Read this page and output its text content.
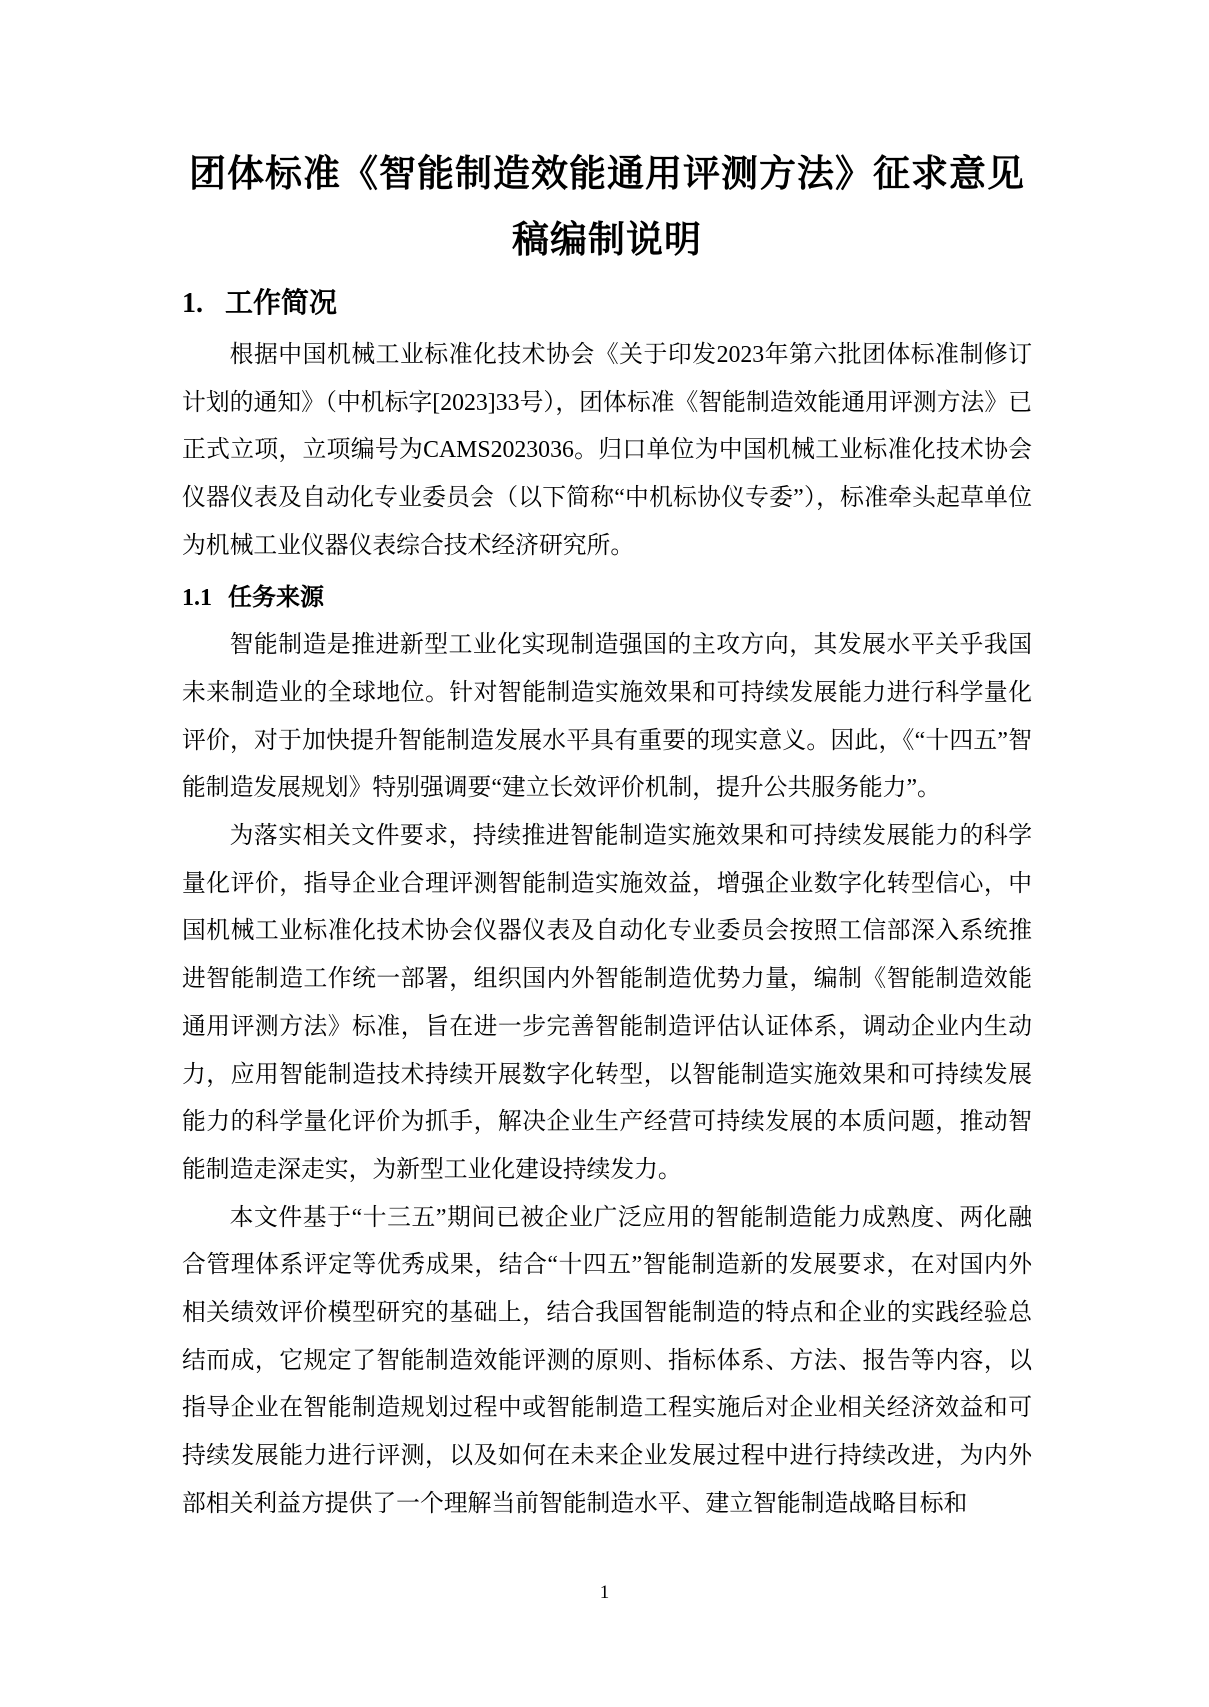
团体标准《智能制造效能通用评测方法》征求意见
稿编制说明
1. 工作简况

根据中国机械工业标准化技术协会《关于印发2023年第六批团体标准制修订计划的通知》（中机标字[2023]33号），团体标准《智能制造效能通用评测方法》已正式立项，立项编号为CAMS2023036。归口单位为中国机械工业标准化技术协会仪器仪表及自动化专业委员会（以下简称“中机标协仪专委”），标准牵头起草单位为机械工业仪器仪表综合技术经济研究所。

1.1 任务来源

智能制造是推进新型工业化实现制造强国的主攻方向，其发展水平关乎我国未来制造业的全球地位。针对智能制造实施效果和可持续发展能力进行科学量化评价，对于加快提升智能制造发展水平具有重要的现实意义。因此，《“十四五”智能制造发展规划》特别强调要“建立长效评价机制，提升公共服务能力”。

为落实相关文件要求，持续推进智能制造实施效果和可持续发展能力的科学量化评价，指导企业合理评测智能制造实施效益，增强企业数字化转型信心，中国机械工业标准化技术协会仪器仪表及自动化专业委员会按照工信部深入系统推进智能制造工作统一部署，组织国内外智能制造优势力量，编制《智能制造效能通用评测方法》标准，旨在进一步完善智能制造评估认证体系，调动企业内生动力，应用智能制造技术持续开展数字化转型，以智能制造实施效果和可持续发展能力的科学量化评价为抓手，解决企业生产经营可持续发展的本质问题，推动智能制造走深走实，为新型工业化建设持续发力。

本文件基于“十三五”期间已被企业广泛应用的智能制造能力成熟度、两化融合管理体系评定等优秀成果，结合“十四五”智能制造新的发展要求，在对国内外相关绩效评价模型研究的基础上，结合我国智能制造的特点和企业的实践经验总结而成，它规定了智能制造效能评测的原则、指标体系、方法、报告等内容，以指导企业在智能制造规划过程中或智能制造工程实施后对企业相关经济效益和可持续发展能力进行评测，以及如何在未来企业发展过程中进行持续改进，为内外部相关利益方提供了一个理解当前智能制造水平、建立智能制造战略目标和

1
